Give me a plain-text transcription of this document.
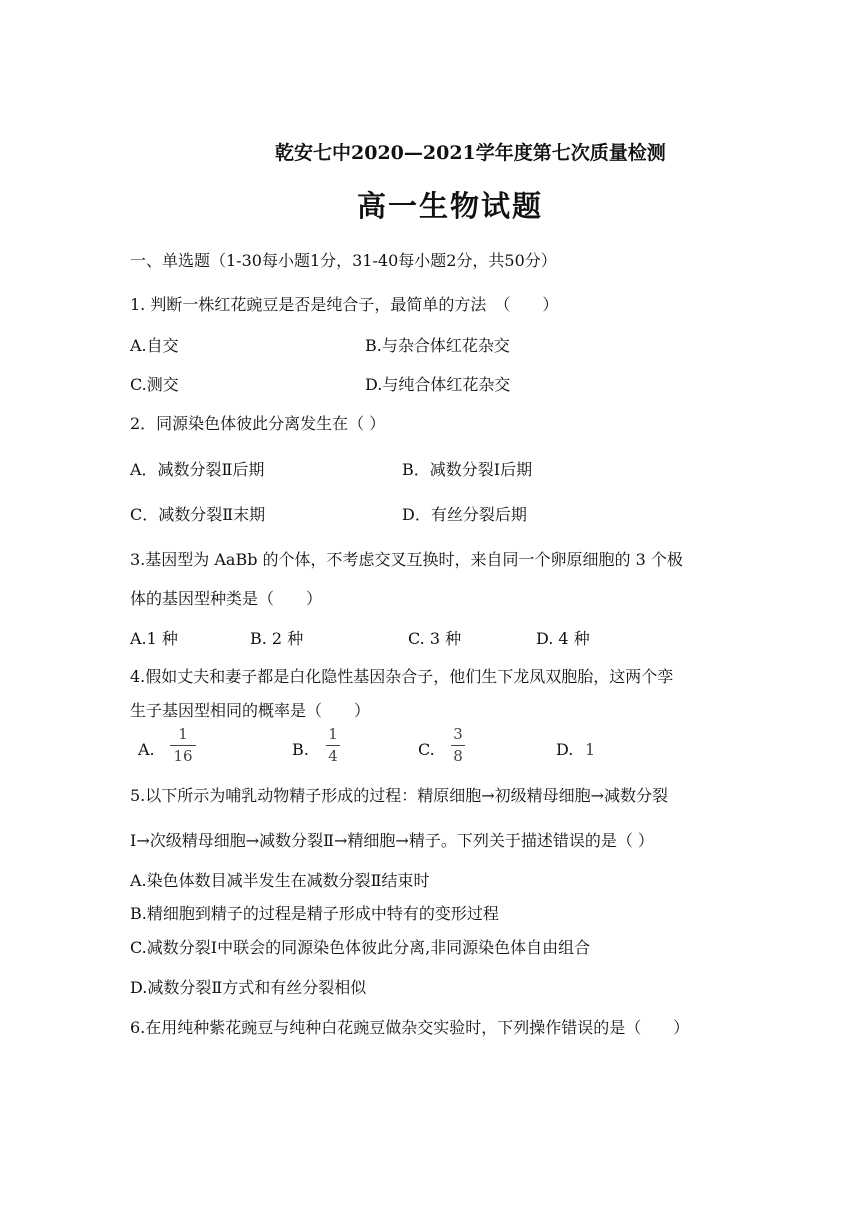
乾安七中2020—2021学年度第七次质量检测
高一生物试题
一、单选题（1-30每小题1分，31-40每小题2分，共50分）
1. 判断一株红花豌豆是否是纯合子，最简单的方法　（　　）
A.自交	B.与杂合体红花杂交
C.测交	D.与纯合体红花杂交
2．同源染色体彼此分离发生在（ ）
A．减数分裂Ⅱ后期	B．减数分裂Ⅰ后期
C．减数分裂Ⅱ末期	D．有丝分裂后期
3.基因型为 AaBb 的个体，不考虑交叉互换时，来自同一个卵原细胞的 3 个极
体的基因型种类是（　　）
A.1 种	B. 2 种	C. 3 种	D. 4 种
4.假如丈夫和妻子都是白化隐性基因杂合子，他们生下龙凤双胞胎，这两个孪
生子基因型相同的概率是（　　）
A.
1
16	B.
1
4	C.
3
8	D. 1
5.以下所示为哺乳动物精子形成的过程：精原细胞→初级精母细胞→减数分裂
Ⅰ→次级精母细胞→减数分裂Ⅱ→精细胞→精子。下列关于描述错误的是（ ）
A.染色体数目减半发生在减数分裂Ⅱ结束时
B.精细胞到精子的过程是精子形成中特有的变形过程
C.减数分裂Ⅰ中联会的同源染色体彼此分离,非同源染色体自由组合
D.减数分裂Ⅱ方式和有丝分裂相似
6.在用纯种紫花豌豆与纯种白花豌豆做杂交实验时，下列操作错误的是（　　）
